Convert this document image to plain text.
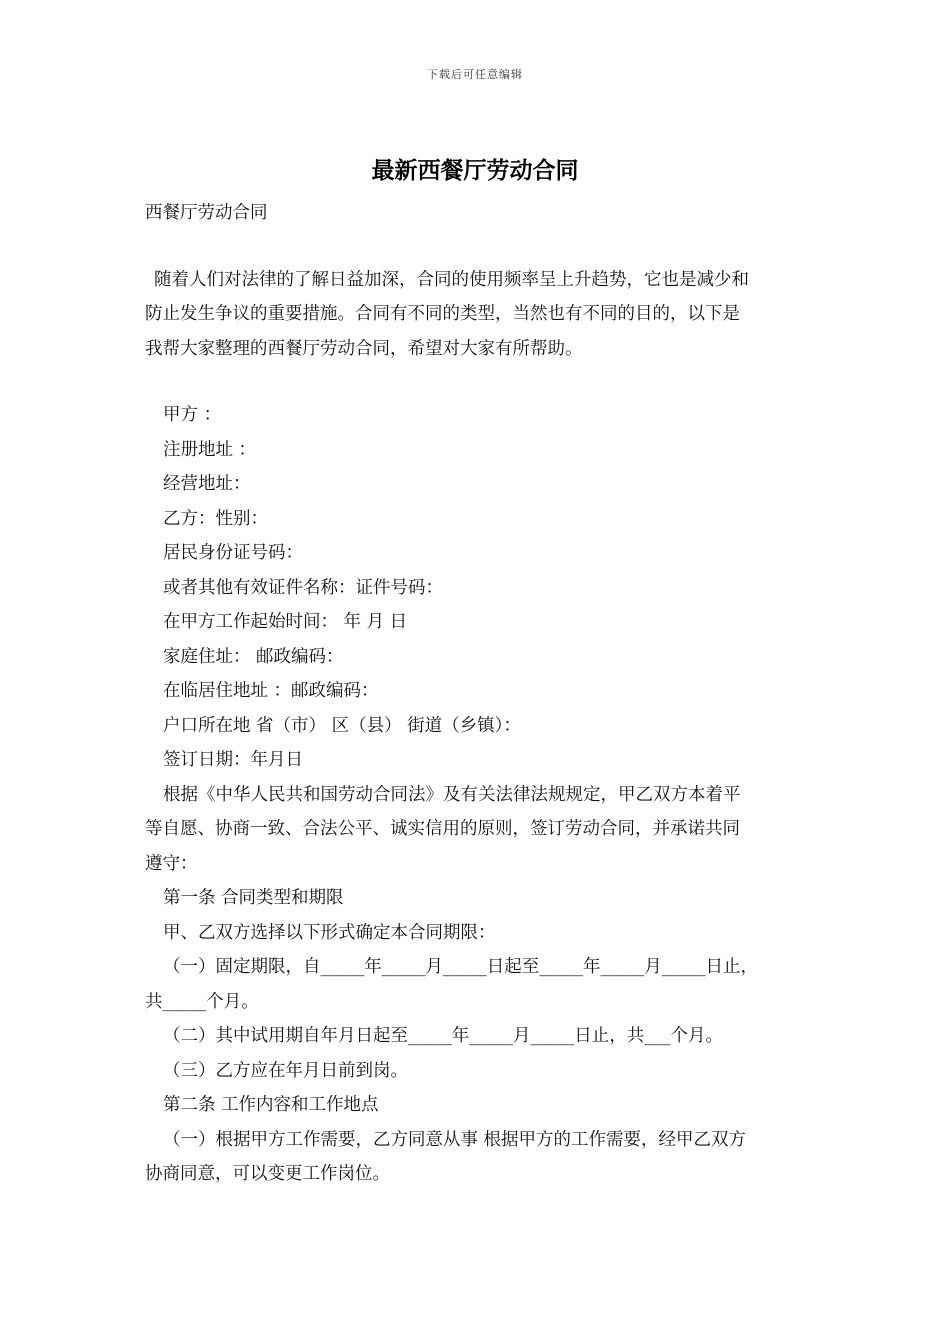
下载后可任意编辑
最新西餐厅劳动合同
西餐厅劳动合同
随着人们对法律的了解日益加深，合同的使用频率呈上升趋势，它也是减少和
防止发生争议的重要措施。合同有不同的类型，当然也有不同的目的，以下是
我帮大家整理的西餐厅劳动合同，希望对大家有所帮助。
甲方 ：
注册地址 ：
经营地址：
乙方：性别：
居民身份证号码：
或者其他有效证件名称：证件号码：
在甲方工作起始时间： 年 月 日
家庭住址： 邮政编码：
在临居住地址 ：邮政编码：
户口所在地 省（市） 区（县） 街道（乡镇）：
签订日期：年月日
根据《中华人民共和国劳动合同法》及有关法律法规规定，甲乙双方本着平
等自愿、协商一致、合法公平、诚实信用的原则，签订劳动合同，并承诺共同
遵守：
第一条 合同类型和期限
甲、乙双方选择以下形式确定本合同期限：
（一）固定期限，自_____年_____月_____日起至_____年_____月_____日止，
共_____个月。
（二）其中试用期自年月日起至_____年_____月_____日止，共___个月。
（三）乙方应在年月日前到岗。
第二条 工作内容和工作地点
（一）根据甲方工作需要，乙方同意从事 根据甲方的工作需要，经甲乙双方
协商同意，可以变更工作岗位。
